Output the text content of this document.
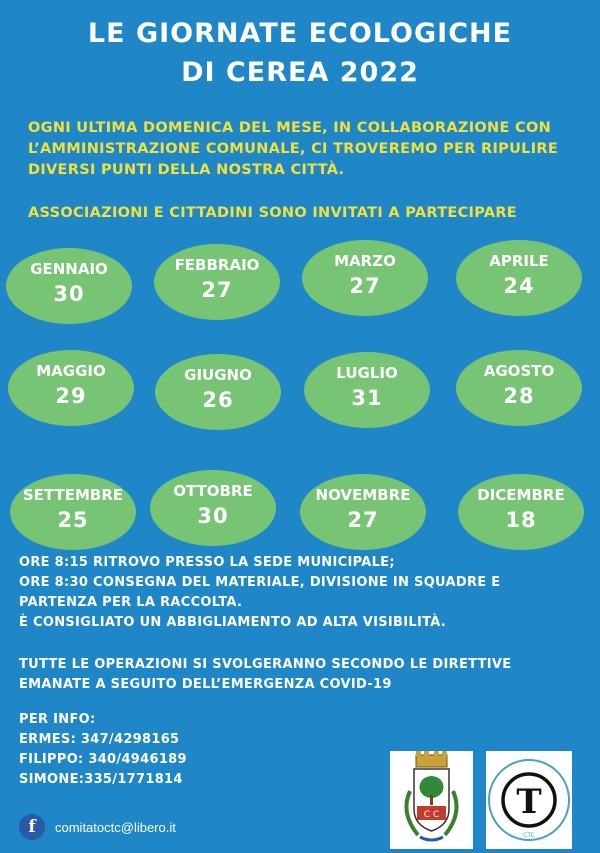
LE GIORNATE ECOLOGICHE
DI CEREA 2022
OGNI ULTIMA DOMENICA DEL MESE, IN COLLABORAZIONE CON L’AMMINISTRAZIONE COMUNALE, CI TROVEREMO PER RIPULIRE DIVERSI PUNTI DELLA NOSTRA CITTÀ.
ASSOCIAZIONI E CITTADINI SONO INVITATI A PARTECIPARE
GENNAIO
30
FEBBRAIO
27
MARZO
27
APRILE
24
MAGGIO
29
GIUGNO
26
LUGLIO
31
AGOSTO
28
SETTEMBRE
25
OTTOBRE
30
NOVEMBRE
27
DICEMBRE
18
ORE 8:15 RITROVO PRESSO LA SEDE MUNICIPALE;
ORE 8:30 CONSEGNA DEL MATERIALE, DIVISIONE IN SQUADRE E
PARTENZA PER LA RACCOLTA.
È CONSIGLIATO UN ABBIGLIAMENTO AD ALTA VISIBILITÀ.
TUTTE LE OPERAZIONI SI SVOLGERANNO SECONDO LE DIRETTIVE
EMANATE A SEGUITO DELL’EMERGENZA COVID-19
PER INFO:
ERMES: 347/4298165
FILIPPO: 340/4946189
SIMONE:335/1771814
f	comitatoctc@libero.it
C C T
CTC
